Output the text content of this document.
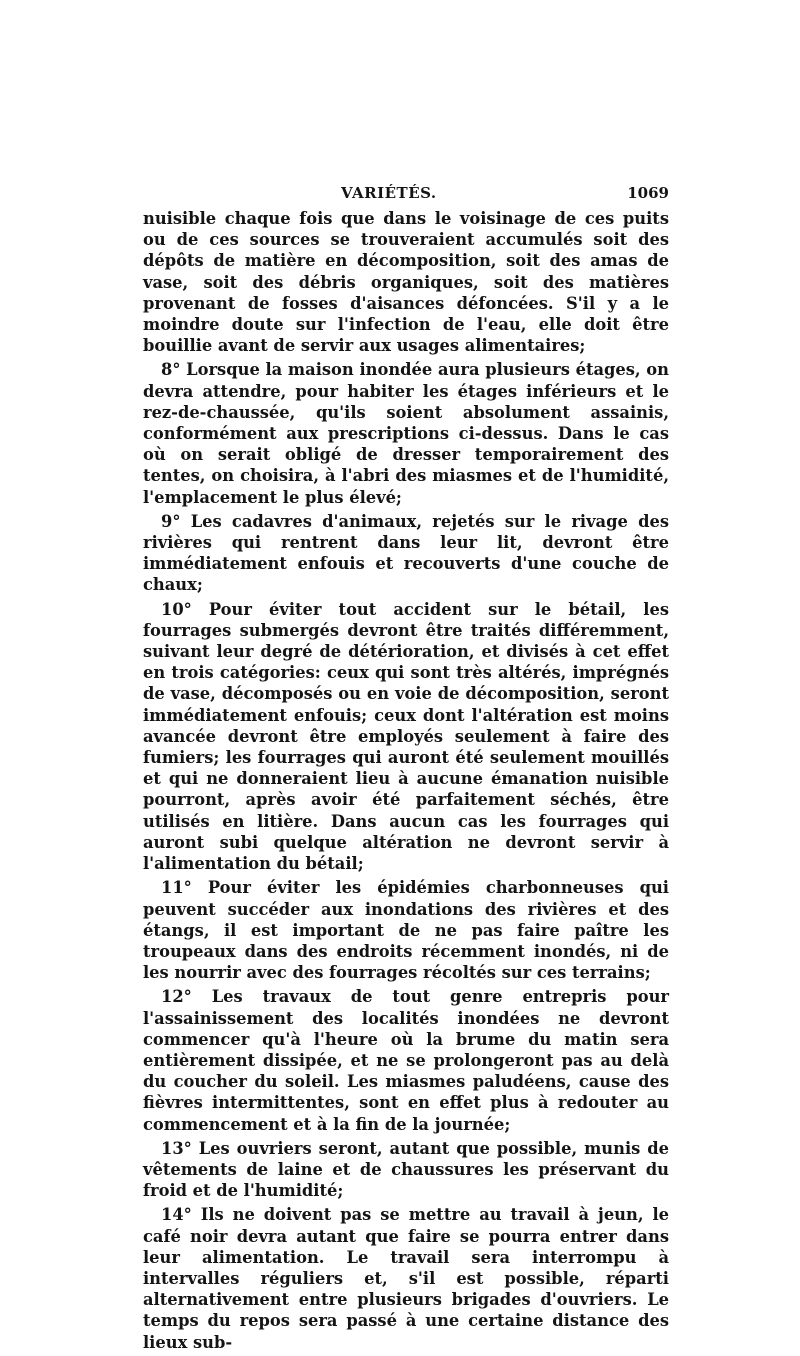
VARIÉTÉS.	1069

nuisible chaque fois que dans le voisinage de ces puits ou de ces sources se trouveraient accumulés soit des dépôts de matière en décomposition, soit des amas de vase, soit des débris organiques, soit des matières provenant de fosses d'aisances défoncées. S'il y a le moindre doute sur l'infection de l'eau, elle doit être bouillie avant de servir aux usages alimentaires;

8° Lorsque la maison inondée aura plusieurs étages, on devra attendre, pour habiter les étages inférieurs et le rez-de-chaussée, qu'ils soient absolument assainis, conformément aux prescriptions ci-dessus. Dans le cas où on serait obligé de dresser temporairement des tentes, on choisira, à l'abri des miasmes et de l'humidité, l'emplacement le plus élevé;

9° Les cadavres d'animaux, rejetés sur le rivage des rivières qui rentrent dans leur lit, devront être immédiatement enfouis et recouverts d'une couche de chaux;

10° Pour éviter tout accident sur le bétail, les fourrages submergés devront être traités différemment, suivant leur degré de détérioration, et divisés à cet effet en trois catégories: ceux qui sont très altérés, imprégnés de vase, décomposés ou en voie de décomposition, seront immédiatement enfouis; ceux dont l'altération est moins avancée devront être employés seulement à faire des fumiers; les fourrages qui auront été seulement mouillés et qui ne donneraient lieu à aucune émanation nuisible pourront, après avoir été parfaitement séchés, être utilisés en litière. Dans aucun cas les fourrages qui auront subi quelque altération ne devront servir à l'alimentation du bétail;

11° Pour éviter les épidémies charbonneuses qui peuvent succéder aux inondations des rivières et des étangs, il est important de ne pas faire paître les troupeaux dans des endroits récemment inondés, ni de les nourrir avec des fourrages récoltés sur ces terrains;

12° Les travaux de tout genre entrepris pour l'assainissement des localités inondées ne devront commencer qu'à l'heure où la brume du matin sera entièrement dissipée, et ne se prolongeront pas au delà du coucher du soleil. Les miasmes paludéens, cause des fièvres intermittentes, sont en effet plus à redouter au commencement et à la fin de la journée;

13° Les ouvriers seront, autant que possible, munis de vêtements de laine et de chaussures les préservant du froid et de l'humidité;

14° Ils ne doivent pas se mettre au travail à jeun, le café noir devra autant que faire se pourra entrer dans leur alimentation. Le travail sera interrompu à intervalles réguliers et, s'il est possible, réparti alternativement entre plusieurs brigades d'ouvriers. Le temps du repos sera passé à une certaine distance des lieux sub-
